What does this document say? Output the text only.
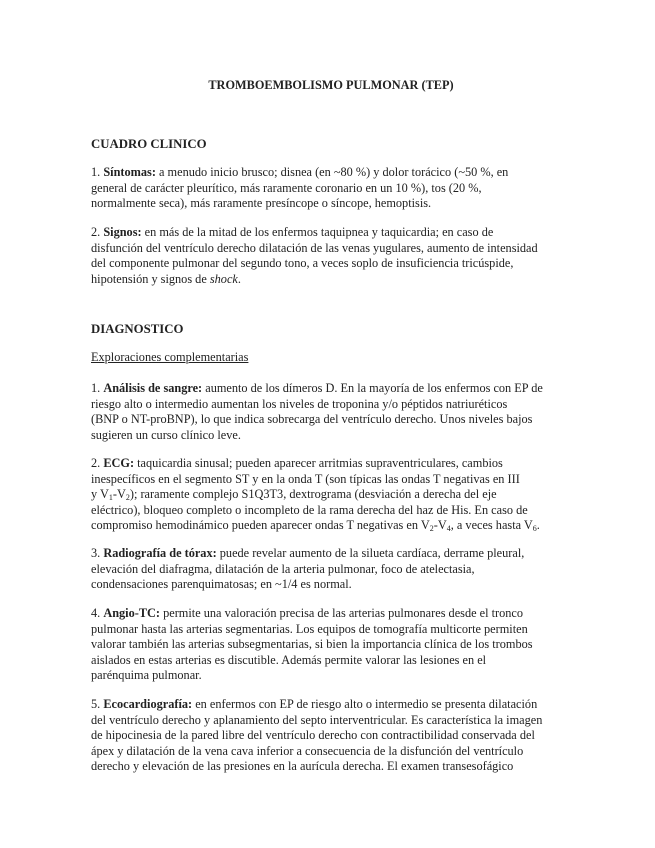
TROMBOEMBOLISMO PULMONAR (TEP)
CUADRO CLINICO
1. Síntomas: a menudo inicio brusco; disnea (en ~80 %) y dolor torácico (~50 %, en
general de carácter pleurítico, más raramente coronario en un 10 %), tos (20 %,
normalmente seca), más raramente presíncope o síncope, hemoptisis.
2. Signos: en más de la mitad de los enfermos taquipnea y taquicardia; en caso de
disfunción del ventrículo derecho dilatación de las venas yugulares, aumento de intensidad
del componente pulmonar del segundo tono, a veces soplo de insuficiencia tricúspide,
hipotensión y signos de shock.
DIAGNOSTICO
Exploraciones complementarias
1. Análisis de sangre: aumento de los dímeros D. En la mayoría de los enfermos con EP de
riesgo alto o intermedio aumentan los niveles de troponina y/o péptidos natriuréticos
(BNP o NT-proBNP), lo que indica sobrecarga del ventrículo derecho. Unos niveles bajos
sugieren un curso clínico leve.
2. ECG: taquicardia sinusal; pueden aparecer arritmias supraventriculares, cambios
inespecíficos en el segmento ST y en la onda T (son típicas las ondas T negativas en III
y $V_1-V_2$); raramente complejo S1Q3T3, dextrograma (desviación a derecha del eje
eléctrico), bloqueo completo o incompleto de la rama derecha del haz de His. En caso de
compromiso hemodinámico pueden aparecer ondas T negativas en $V_2-V_4$, a veces hasta $V_6$.
3. Radiografía de tórax: puede revelar aumento de la silueta cardíaca, derrame pleural,
elevación del diafragma, dilatación de la arteria pulmonar, foco de atelectasia,
condensaciones parenquimatosas; en ~1/4 es normal.
4. Angio-TC: permite una valoración precisa de las arterias pulmonares desde el tronco
pulmonar hasta las arterias segmentarias. Los equipos de tomografía multicorte permiten
valorar también las arterias subsegmentarias, si bien la importancia clínica de los trombos
aislados en estas arterias es discutible. Además permite valorar las lesiones en el
parénquima pulmonar.
5. Ecocardiografía: en enfermos con EP de riesgo alto o intermedio se presenta dilatación
del ventrículo derecho y aplanamiento del septo interventricular. Es característica la imagen
de hipocinesia de la pared libre del ventrículo derecho con contractibilidad conservada del
ápex y dilatación de la vena cava inferior a consecuencia de la disfunción del ventrículo
derecho y elevación de las presiones en la aurícula derecha. El examen transesofágico
